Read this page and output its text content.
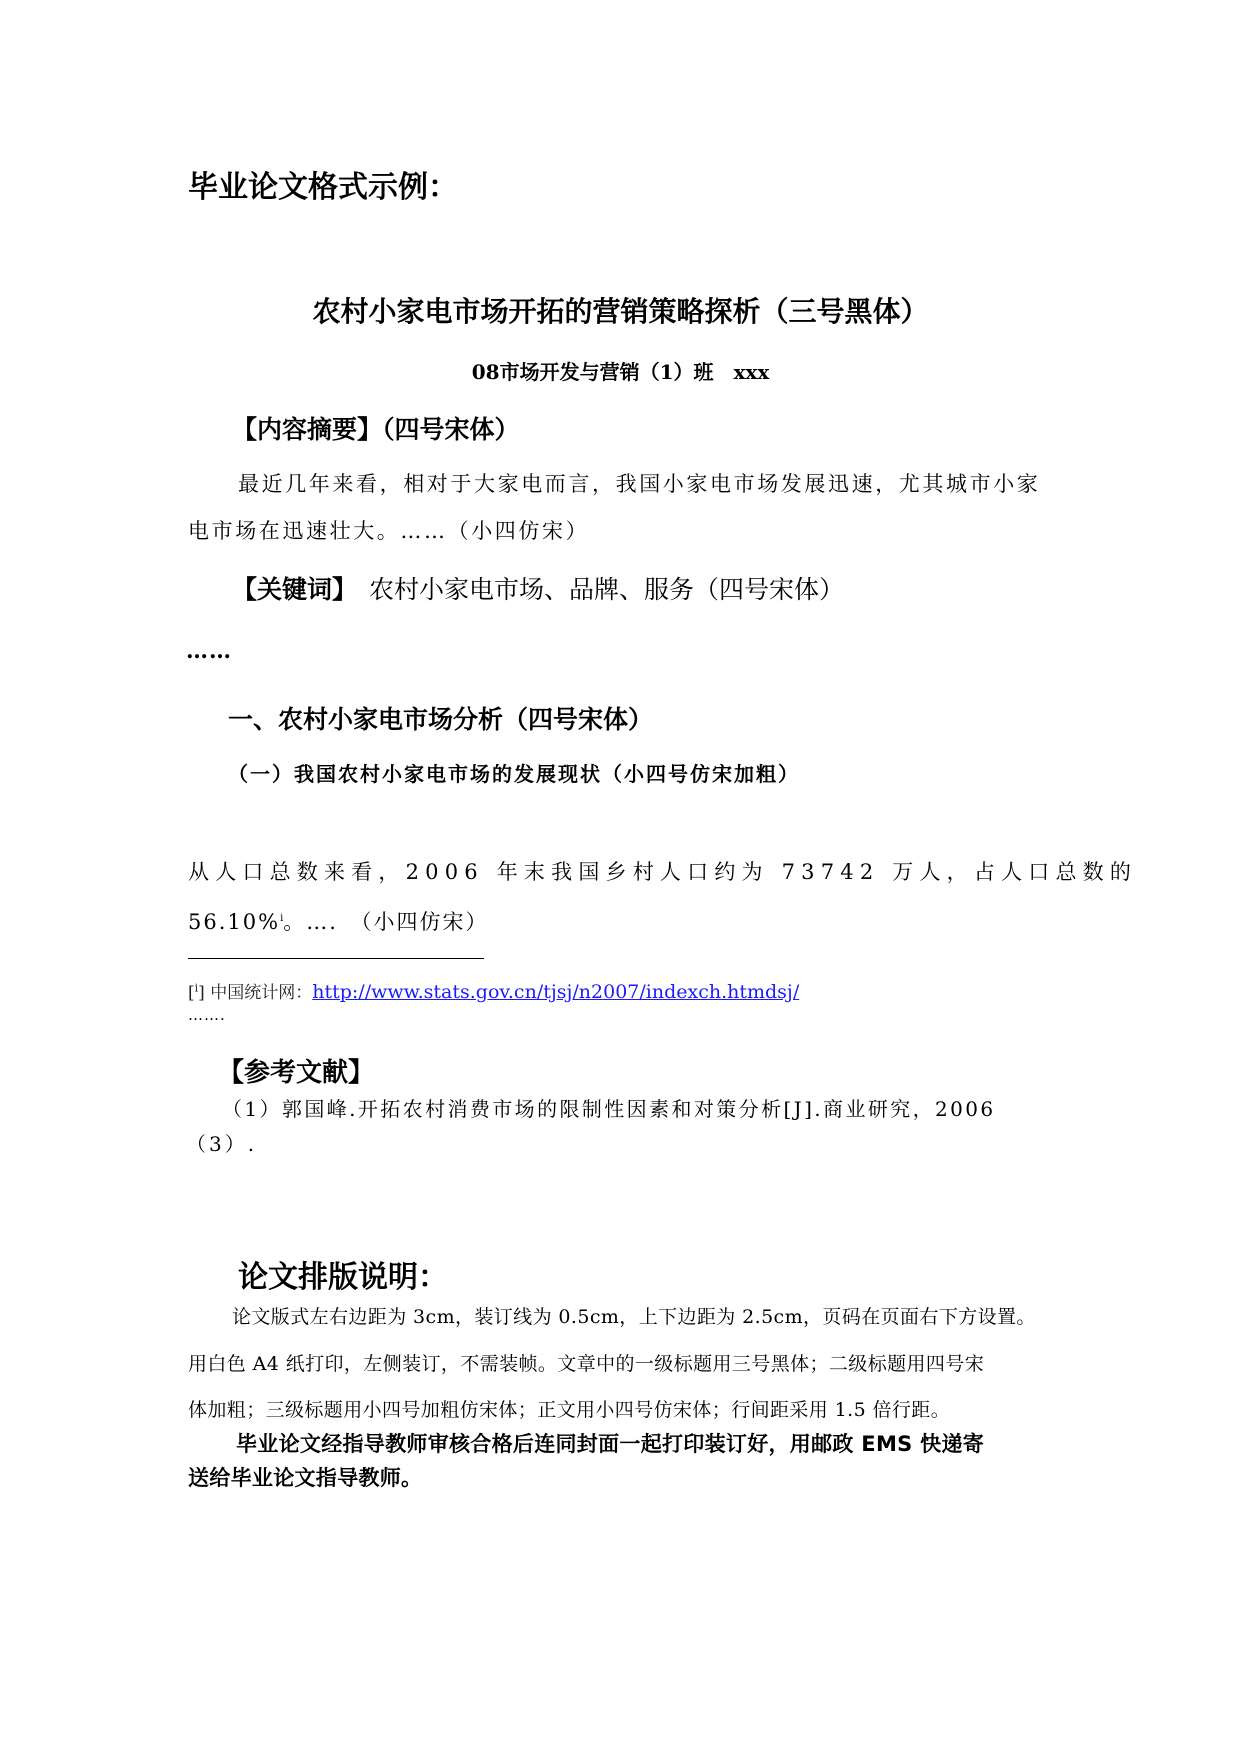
毕业论文格式示例：
农村小家电市场开拓的营销策略探析（三号黑体）
08市场开发与营销（1）班　xxx
【内容摘要】（四号宋体）
最近几年来看，相对于大家电而言，我国小家电市场发展迅速，尤其城市小家
电市场在迅速壮大。……（小四仿宋）
【关键词】 农村小家电市场、品牌、服务（四号宋体）
……
一、农村小家电市场分析（四号宋体）
（一）我国农村小家电市场的发展现状（小四号仿宋加粗）
从人口总数来看，2006 年末我国乡村人口约为 73742 万人，占人口总数的
56.10%$^i$。….　（小四仿宋）
[$^i$] 中国统计网：http://www.stats.gov.cn/tjsj/n2007/indexch.htmdsj/
…….
【参考文献】
（1）郭国峰.开拓农村消费市场的限制性因素和对策分析[J].商业研究，2006
（3）.
论文排版说明：
论文版式左右边距为 3cm，装订线为 0.5cm，上下边距为 2.5cm，页码在页面右下方设置。
用白色 A4 纸打印，左侧装订，不需装帧。文章中的一级标题用三号黑体；二级标题用四号宋
体加粗；三级标题用小四号加粗仿宋体；正文用小四号仿宋体；行间距采用 1.5 倍行距。
毕业论文经指导教师审核合格后连同封面一起打印装订好，用邮政 EMS 快递寄
送给毕业论文指导教师。
